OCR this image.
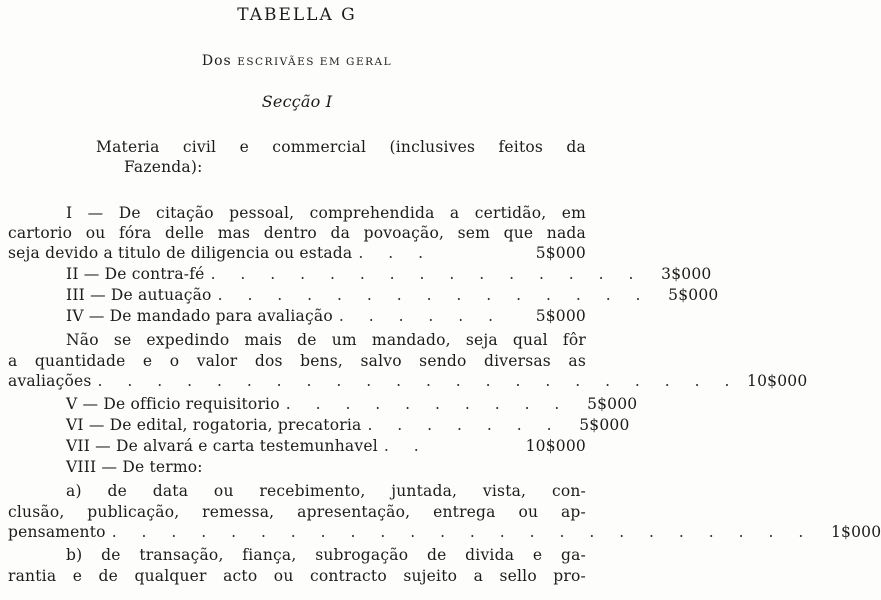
TABELLA G
Dos ESCRIVÃES EM GERAL
Secção I
Materia civil e commercial (inclusives feitos da
Fazenda):
I — De citação pessoal, comprehendida a certidão, em
cartorio ou fóra delle mas dentro da povoação, sem que nada
seja devido a titulo de diligencia ou estada . . .	5$000
II — De contra-fé . . . . . . . . . . . . . . .	3$000
III — De autuação . . . . . . . . . . . . . . .	5$000
IV — De mandado para avaliação . . . . . .	5$000
Não se expedindo mais de um mandado, seja qual fôr
a quantidade e o valor dos bens, salvo sendo diversas as
avaliações . . . . . . . . . . . . . . . . . . . . . . 10$000
V — De officio requisitorio . . . . . . . . . .	5$000
VI — De edital, rogatoria, precatoria . . . . . . .	5$000
VII — De alvará e carta testemunhavel . .	10$000
VIII — De termo:
a) de data ou recebimento, juntada, vista, con-
clusão, publicação, remessa, apresentação, entrega ou ap-
pensamento . . . . . . . . . . . . . . . . . . . . . . . .	1$000
b) de transação, fiança, subrogação de divida e ga-
rantia e de qualquer acto ou contracto sujeito a sello pro-
